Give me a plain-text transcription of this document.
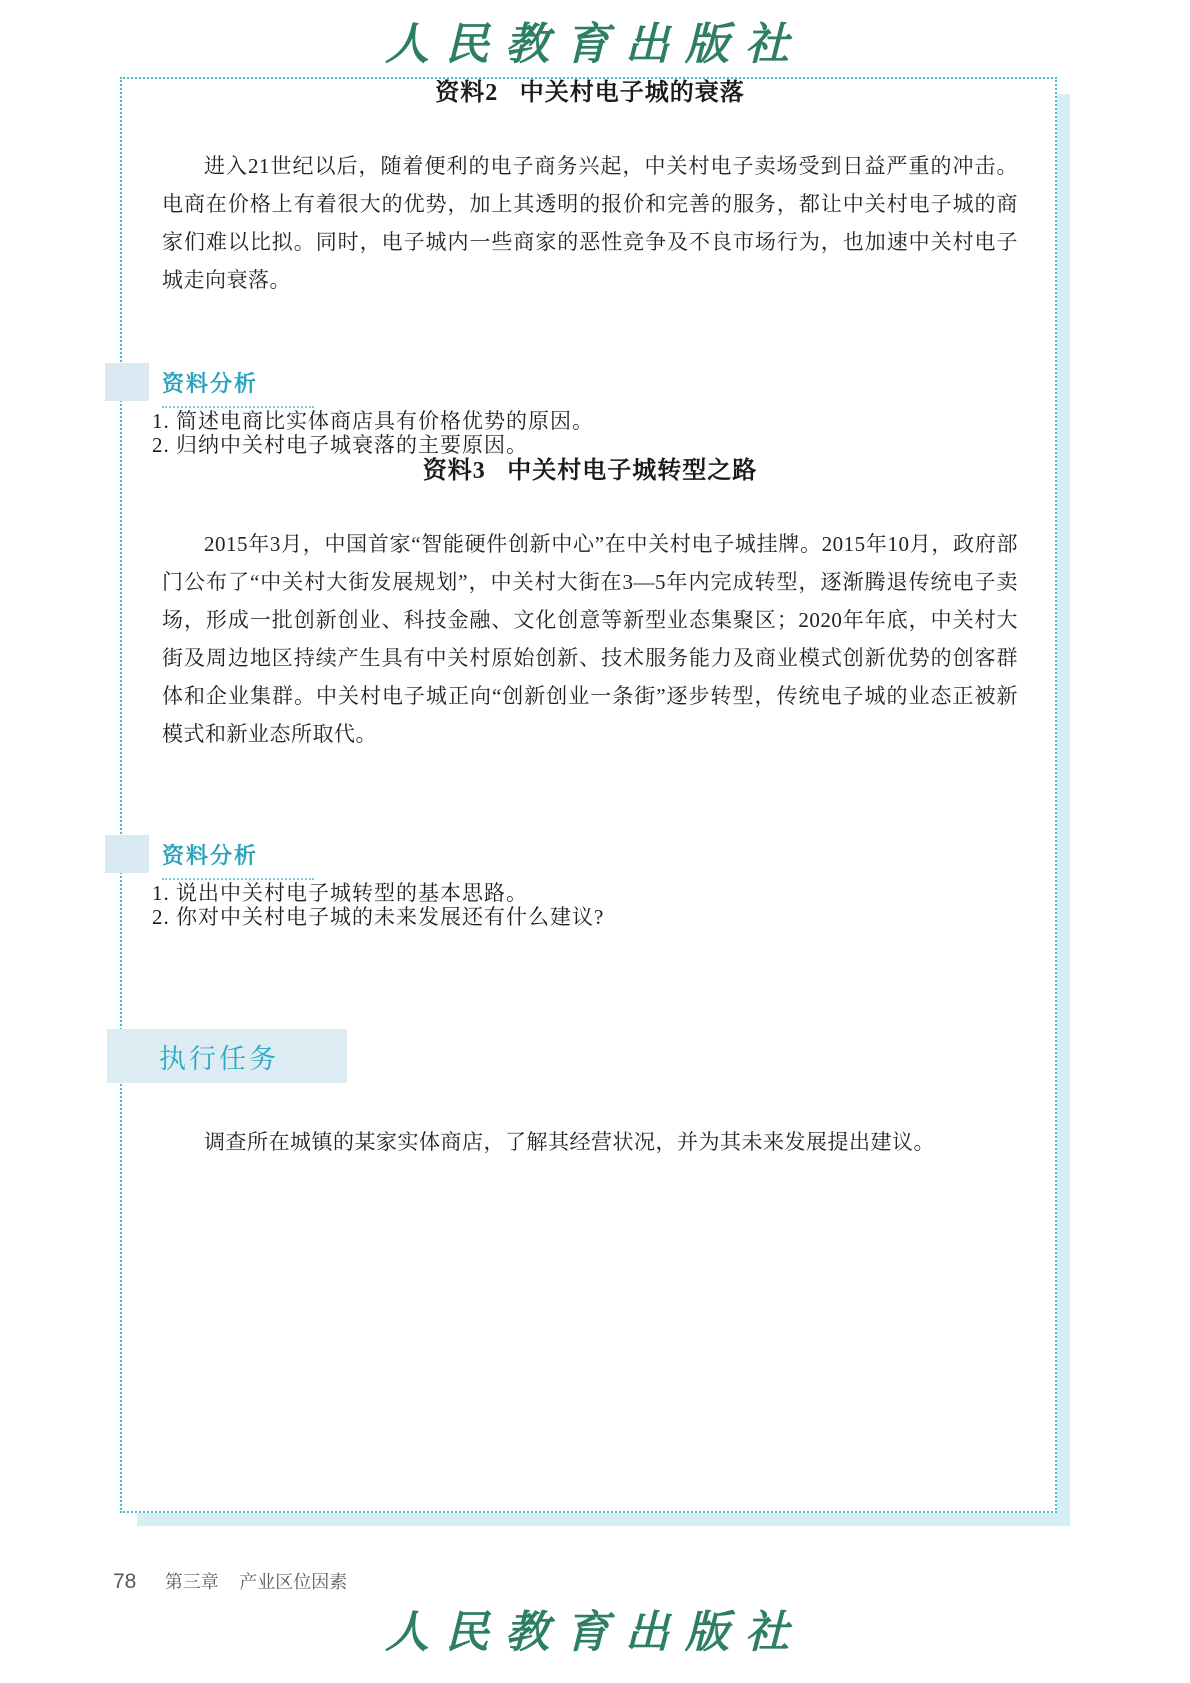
人民教育出版社
资料2 中关村电子城的衰落

进入21世纪以后，随着便利的电子商务兴起，中关村电子卖场受到日益严重的冲击。电商在价格上有着很大的优势，加上其透明的报价和完善的服务，都让中关村电子城的商家们难以比拟。同时，电子城内一些商家的恶性竞争及不良市场行为，也加速中关村电子城走向衰落。

资料分析

1. 简述电商比实体商店具有价格优势的原因。

2. 归纳中关村电子城衰落的主要原因。

资料3 中关村电子城转型之路

2015年3月，中国首家“智能硬件创新中心”在中关村电子城挂牌。2015年10月，政府部门公布了“中关村大街发展规划”，中关村大街在3—5年内完成转型，逐渐腾退传统电子卖场，形成一批创新创业、科技金融、文化创意等新型业态集聚区；2020年年底，中关村大街及周边地区持续产生具有中关村原始创新、技术服务能力及商业模式创新优势的创客群体和企业集群。中关村电子城正向“创新创业一条街”逐步转型，传统电子城的业态正被新模式和新业态所取代。

资料分析

1. 说出中关村电子城转型的基本思路。

2. 你对中关村电子城的未来发展还有什么建议?

执行任务

调查所在城镇的某家实体商店，了解其经营状况，并为其未来发展提出建议。

78 第三章 产业区位因素
人民教育出版社
